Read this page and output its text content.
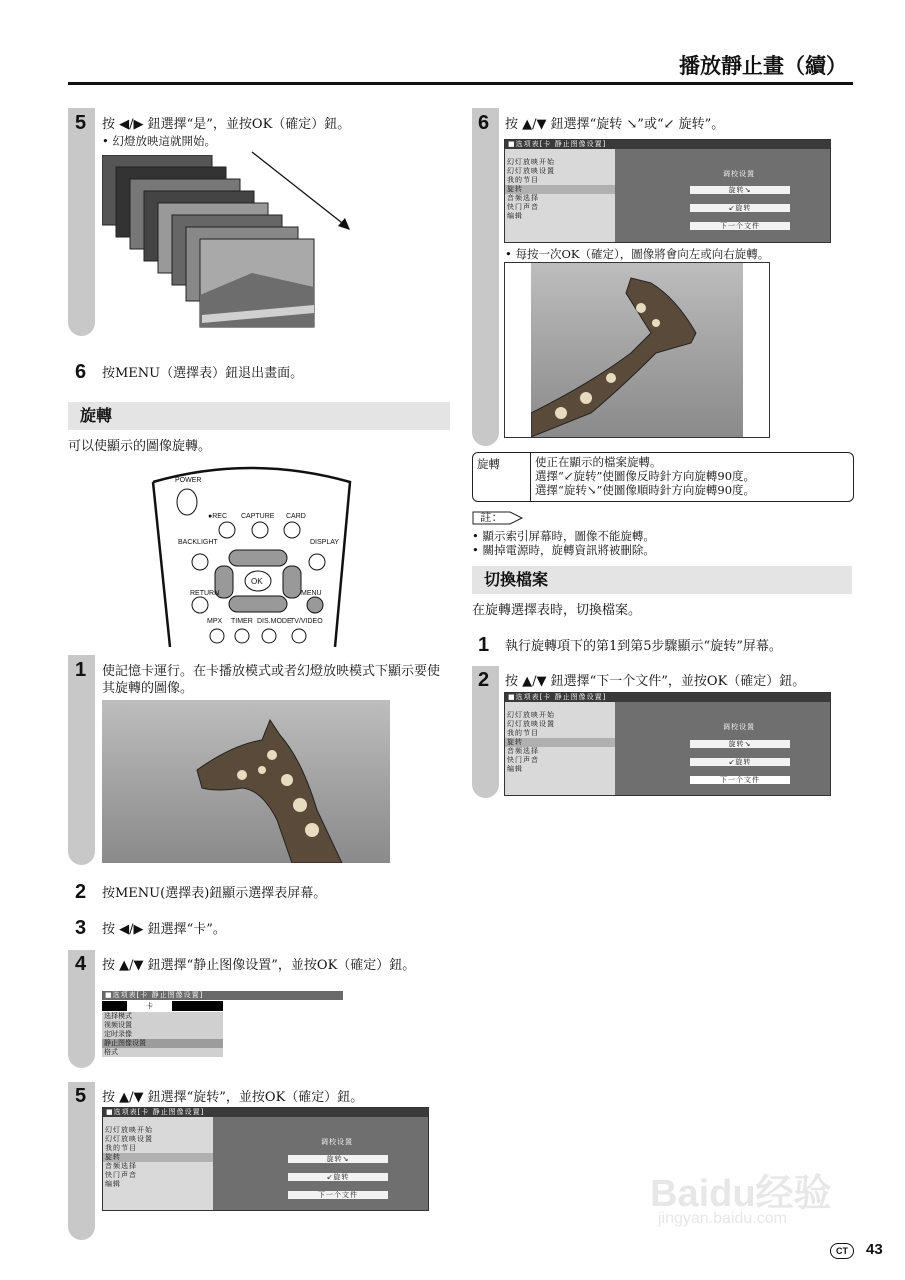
播放靜止畫（續）
5 按 ◀/▶ 鈕選擇“是”，並按OK（確定）鈕。
• 幻燈放映這就開始。
6 按MENU（選擇表）鈕退出畫面。
旋轉
可以使顯示的圖像旋轉。
POWER
●REC CAPTURE CARD
BACKLIGHT	DISPLAY
OK
RETURN	MENU
MPX TIMER DIS.MODE
TV/VIDEO
1 使記憶卡運行。在卡播放模式或者幻燈放映模式下顯示要使其旋轉的圖像。
2 按MENU(選擇表)鈕顯示選擇表屏幕。
3 按 ◀/▶ 鈕選擇“卡”。
4 按 ▲/▼ 鈕選擇“静止图像设置”，並按OK（確定）鈕。
■选项表[卡 静止图像设置]
卡
选择模式
视频设置
定时录像
静止图像设置
格式
5 按 ▲/▼ 鈕選擇“旋转”，並按OK（確定）鈕。
■选项表[卡 静止图像设置]
幻灯放映开始
幻灯放映设置
我的节目
旋转
音频选择
快门声音
编辑
调校设置
旋转↘
↙旋转
下一个文件
6 按 ▲/▼ 鈕選擇“旋转 ↘”或“↙ 旋转”。
■选项表[卡 静止图像设置]
幻灯放映开始
幻灯放映设置
我的节目
旋转
音频选择
快门声音
编辑
调校设置
旋转↘
↙旋转
下一个文件
• 每按一次OK（確定），圖像將會向左或向右旋轉。
旋轉	使正在顯示的檔案旋轉。
選擇“↙旋转”使圖像反時針方向旋轉90度。
選擇“旋转↘”使圖像順時針方向旋轉90度。
註：
• 顯示索引屏幕時，圖像不能旋轉。
• 關掉電源時，旋轉資訊將被刪除。
切換檔案
在旋轉選擇表時，切換檔案。
1 執行旋轉項下的第1到第5步驟顯示“旋转”屏幕。
2 按 ▲/▼ 鈕選擇“下一个文件”，並按OK（確定）鈕。
■选项表[卡 静止图像设置]
幻灯放映开始
幻灯放映设置
我的节目
旋转
音频选择
快门声音
编辑
调校设置
旋转↘
↙旋转
下一个文件
Baidu经验
jingyan.baidu.com
CT	43
